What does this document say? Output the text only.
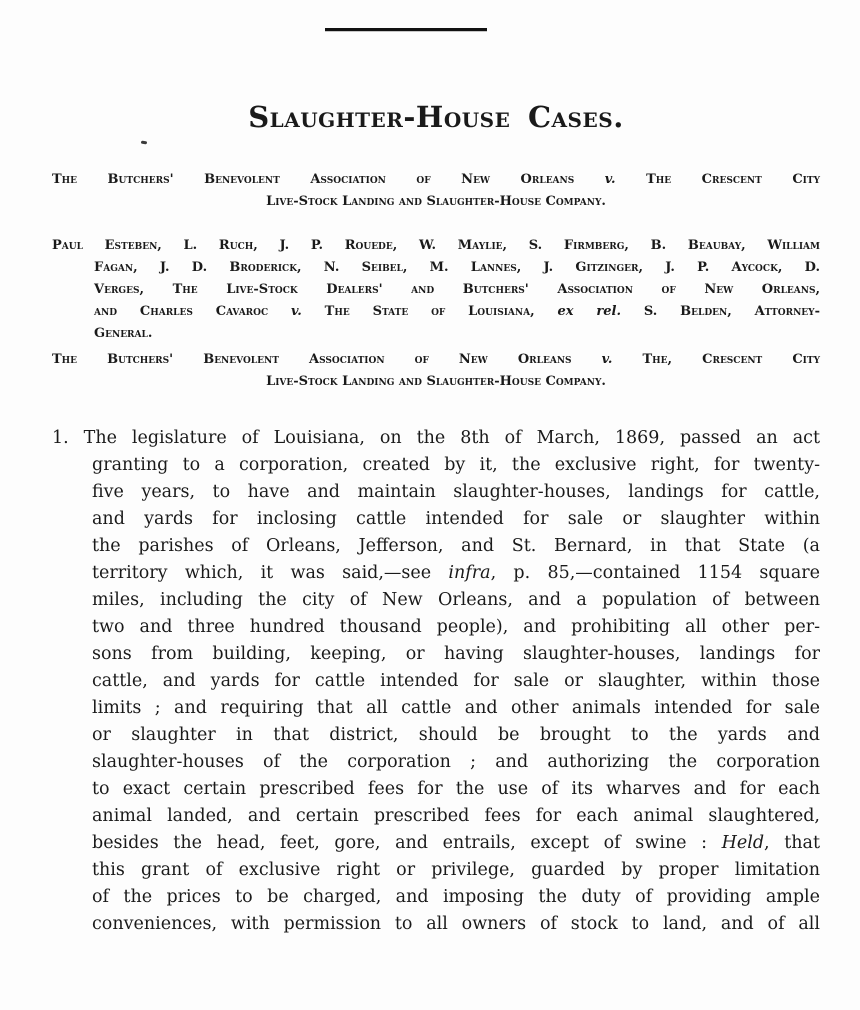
Slaughter-House Cases.
The Butchers' Benevolent Association of New Orleans v. The Crescent City
Live-Stock Landing and Slaughter-House Company.
Paul Esteben, L. Ruch, J. P. Rouede, W. Maylie, S. Firmberg, B. Beaubay, William
Fagan, J. D. Broderick, N. Seibel, M. Lannes, J. Gitzinger, J. P. Aycock, D.
Verges, The Live-Stock Dealers' and Butchers' Association of New Orleans,
and Charles Cavaroc v. The State of Louisiana, ex rel. S. Belden, Attorney-
General.
The Butchers' Benevolent Association of New Orleans v. The, Crescent City
Live-Stock Landing and Slaughter-House Company.
1. The legislature of Louisiana, on the 8th of March, 1869, passed an act
granting to a corporation, created by it, the exclusive right, for twenty-
five years, to have and maintain slaughter-houses, landings for cattle,
and yards for inclosing cattle intended for sale or slaughter within
the parishes of Orleans, Jefferson, and St. Bernard, in that State (a
territory which, it was said,—see infra, p. 85,—contained 1154 square
miles, including the city of New Orleans, and a population of between
two and three hundred thousand people), and prohibiting all other per-
sons from building, keeping, or having slaughter-houses, landings for
cattle, and yards for cattle intended for sale or slaughter, within those
limits ; and requiring that all cattle and other animals intended for sale
or slaughter in that district, should be brought to the yards and
slaughter-houses of the corporation ; and authorizing the corporation
to exact certain prescribed fees for the use of its wharves and for each
animal landed, and certain prescribed fees for each animal slaughtered,
besides the head, feet, gore, and entrails, except of swine : Held, that
this grant of exclusive right or privilege, guarded by proper limitation
of the prices to be charged, and imposing the duty of providing ample
conveniences, with permission to all owners of stock to land, and of all
